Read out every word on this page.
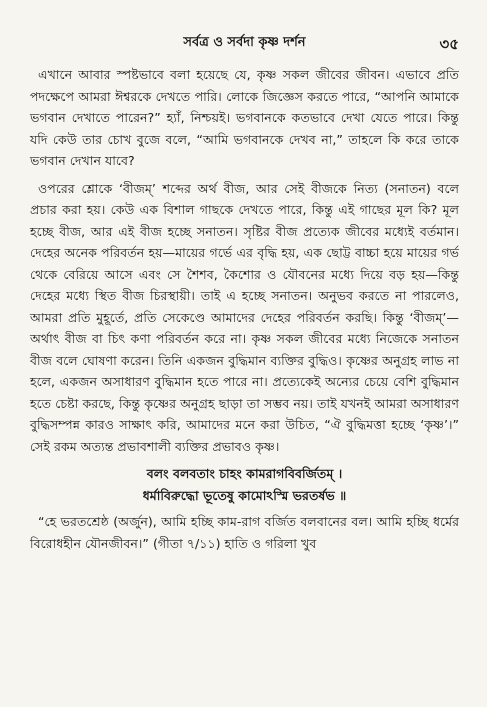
সর্বত্র ও সর্বদা কৃষ্ণ দর্শন	৩৫

এখানে আবার স্পষ্টভাবে বলা হয়েছে যে, কৃষ্ণ সকল জীবের জীবন। এভাবে প্রতি পদক্ষেপে আমরা ঈশ্বরকে দেখতে পারি। লোকে জিজ্ঞেস করতে পারে, “আপনি আমাকে ভগবান দেখাতে পারেন?” হ্যাঁ, নিশ্চয়ই। ভগবানকে কতভাবে দেখা যেতে পারে। কিন্তু যদি কেউ তার চোখ বুজে বলে, “আমি ভগবানকে দেখব না,” তাহলে কি করে তাকে ভগবান দেখান যাবে?

ওপরের শ্লোকে ‘বীজম্’ শব্দের অর্থ বীজ, আর সেই বীজকে নিত্য (সনাতন) বলে প্রচার করা হয়। কেউ এক বিশাল গাছকে দেখতে পারে, কিন্তু এই গাছের মূল কি? মূল হচ্ছে বীজ, আর এই বীজ হচ্ছে সনাতন। সৃষ্টির বীজ প্রত্যেক জীবের মধ্যেই বর্তমান। দেহের অনেক পরিবর্তন হয়—মায়ের গর্ভে এর বৃদ্ধি হয়, এক ছোট্ট বাচ্চা হয়ে মায়ের গর্ভ থেকে বেরিয়ে আসে এবং সে শৈশব, কৈশোর ও যৌবনের মধ্যে দিয়ে বড় হয়—কিন্তু দেহের মধ্যে স্থিত বীজ চিরস্থায়ী। তাই এ হচ্ছে সনাতন। অনুভব করতে না পারলেও, আমরা প্রতি মুহূর্তে, প্রতি সেকেণ্ডে আমাদের দেহের পরিবর্তন করছি। কিন্তু ‘বীজম্’—অর্থাৎ বীজ বা চিৎ কণা পরিবর্তন করে না। কৃষ্ণ সকল জীবের মধ্যে নিজেকে সনাতন বীজ বলে ঘোষণা করেন। তিনি একজন বুদ্ধিমান ব্যক্তির বুদ্ধিও। কৃষ্ণের অনুগ্রহ লাভ না হলে, একজন অসাধারণ বুদ্ধিমান হতে পারে না। প্রত্যেকেই অন্যের চেয়ে বেশি বুদ্ধিমান হতে চেষ্টা করছে, কিন্তু কৃষ্ণের অনুগ্রহ ছাড়া তা সম্ভব নয়। তাই যখনই আমরা অসাধারণ বুদ্ধিসম্পন্ন কারও সাক্ষাৎ করি, আমাদের মনে করা উচিত, “ঐ বুদ্ধিমত্তা হচ্ছে ‘কৃষ্ণ’।” সেই রকম অত্যন্ত প্রভাবশালী ব্যক্তির প্রভাবও কৃষ্ণ।

বলং বলবতাং চাহং কামরাগবিবর্জিতম্ ।
ধর্মাবিরুদ্ধো ভূতেষু কামোঽস্মি ভরতর্ষভ ॥

“হে ভরতশ্রেষ্ঠ (অর্জুন), আমি হচ্ছি কাম-রাগ বর্জিত বলবানের বল। আমি হচ্ছি ধর্মের বিরোধহীন যৌনজীবন।” (গীতা ৭/১১) হাতি ও গরিলা খুব
